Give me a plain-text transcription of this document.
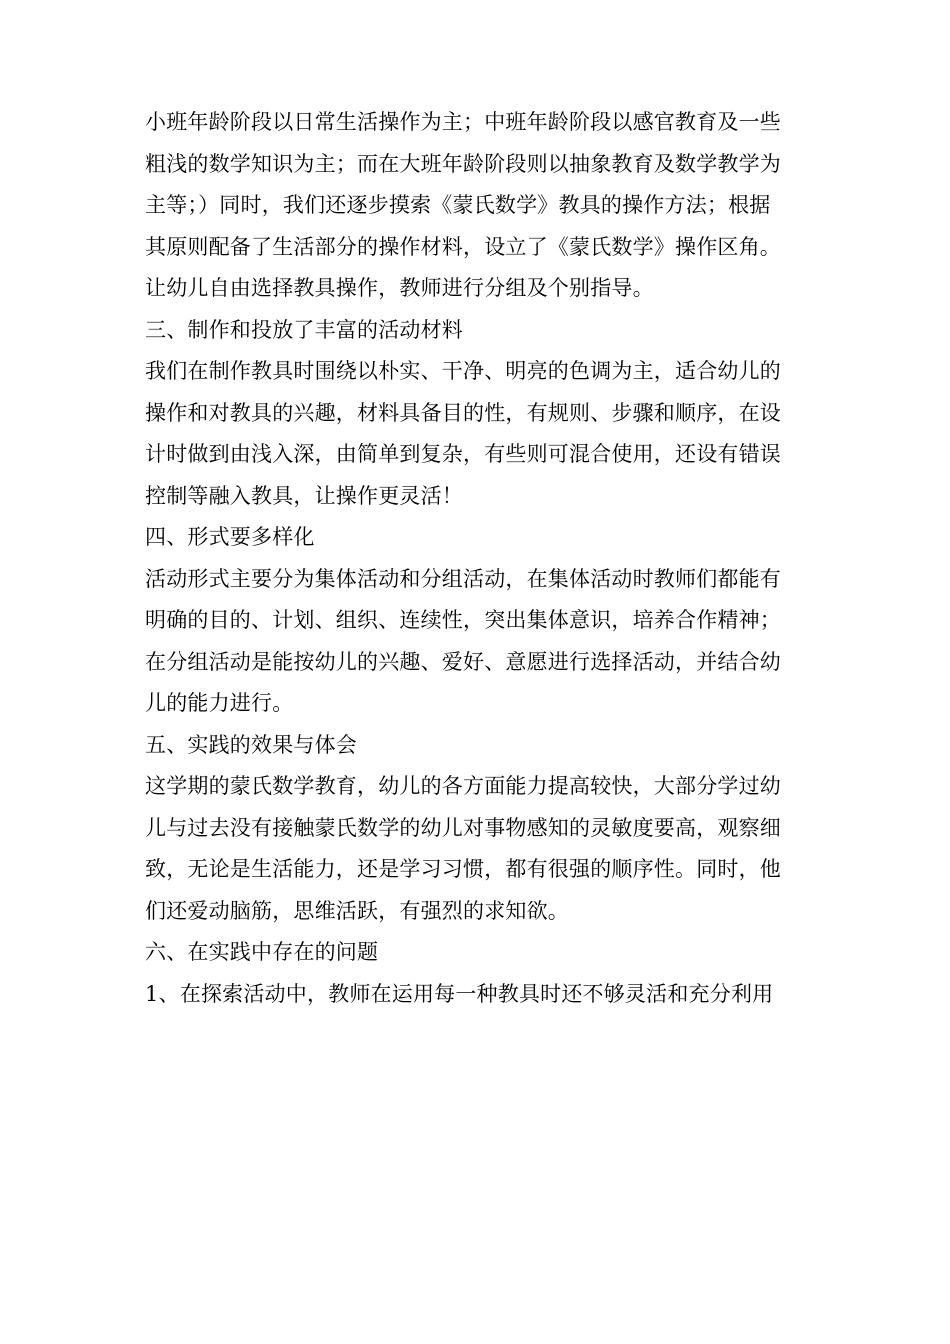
小班年龄阶段以日常生活操作为主；中班年龄阶段以感官教育及一些
粗浅的数学知识为主；而在大班年龄阶段则以抽象教育及数学教学为
主等；）同时，我们还逐步摸索《蒙氏数学》教具的操作方法；根据
其原则配备了生活部分的操作材料，设立了《蒙氏数学》操作区角。
让幼儿自由选择教具操作，教师进行分组及个别指导。
三、制作和投放了丰富的活动材料
我们在制作教具时围绕以朴实、干净、明亮的色调为主，适合幼儿的
操作和对教具的兴趣，材料具备目的性，有规则、步骤和顺序，在设
计时做到由浅入深，由简单到复杂，有些则可混合使用，还设有错误
控制等融入教具，让操作更灵活！
四、形式要多样化
活动形式主要分为集体活动和分组活动，在集体活动时教师们都能有
明确的目的、计划、组织、连续性，突出集体意识，培养合作精神；
在分组活动是能按幼儿的兴趣、爱好、意愿进行选择活动，并结合幼
儿的能力进行。
五、实践的效果与体会
这学期的蒙氏数学教育，幼儿的各方面能力提高较快，大部分学过幼
儿与过去没有接触蒙氏数学的幼儿对事物感知的灵敏度要高，观察细
致，无论是生活能力，还是学习习惯，都有很强的顺序性。同时，他
们还爱动脑筋，思维活跃，有强烈的求知欲。
六、在实践中存在的问题
1、在探索活动中，教师在运用每一种教具时还不够灵活和充分利用
